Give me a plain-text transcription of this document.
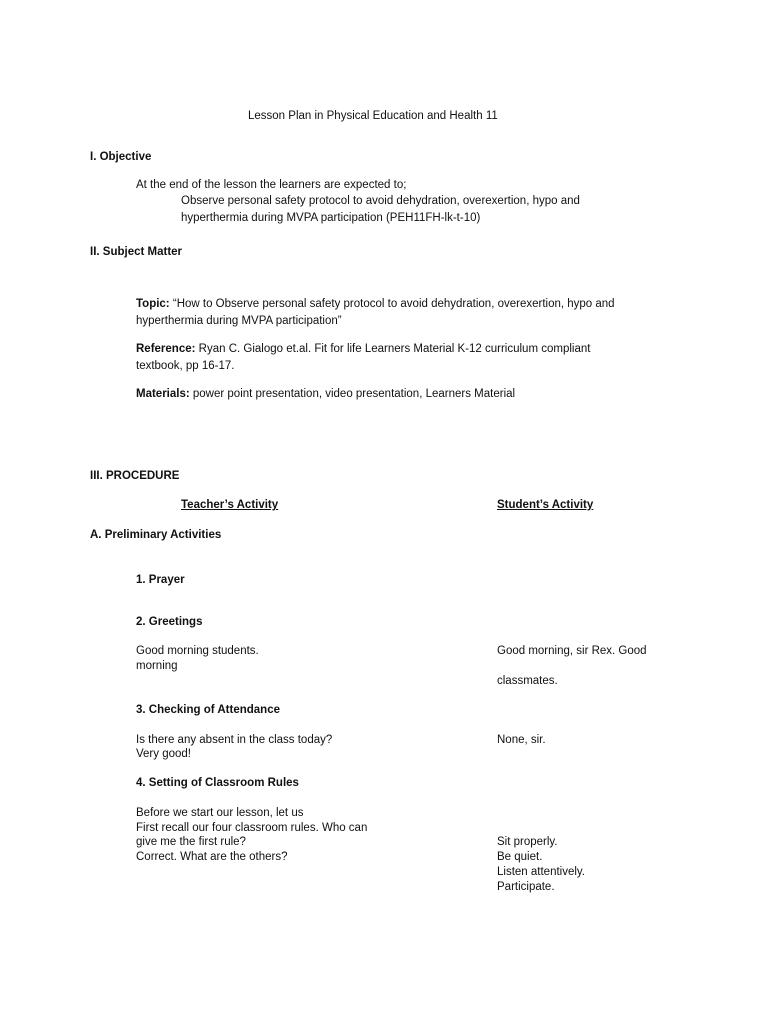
Lesson Plan in Physical Education and Health 11
I. Objective
At the end of the lesson the learners are expected to;
Observe personal safety protocol to avoid dehydration, overexertion, hypo and
hyperthermia during MVPA participation (PEH11FH-lk-t-10)
II. Subject Matter
Topic: “How to Observe personal safety protocol to avoid dehydration, overexertion, hypo and
hyperthermia during MVPA participation”
Reference: Ryan C. Gialogo et.al. Fit for life Learners Material K-12 curriculum compliant
textbook, pp 16-17.
Materials: power point presentation, video presentation, Learners Material
III. PROCEDURE
Teacher’s Activity	Student’s Activity
A. Preliminary Activities
1. Prayer
2. Greetings
Good morning students.
morning
Good morning, sir Rex. Good
classmates.
3. Checking of Attendance
Is there any absent in the class today?
Very good!
None, sir.
4. Setting of Classroom Rules
Before we start our lesson, let us
First recall our four classroom rules. Who can
give me the first rule?
Correct. What are the others?
Sit properly.
Be quiet.
Listen attentively.
Participate.
